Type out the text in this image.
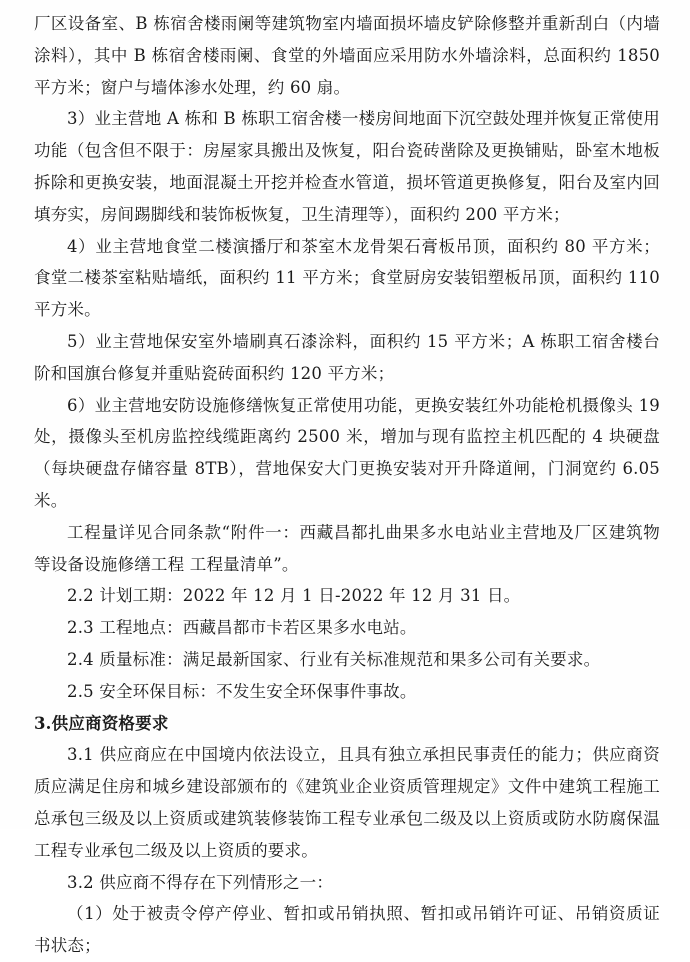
厂区设备室、B 栋宿舍楼雨阑等建筑物室内墙面损坏墙皮铲除修整并重新刮白（内墙涂料），其中 B 栋宿舍楼雨阑、食堂的外墙面应采用防水外墙涂料，总面积约 1850 平方米；窗户与墙体渗水处理，约 60 扇。

3）业主营地 A 栋和 B 栋职工宿舍楼一楼房间地面下沉空鼓处理并恢复正常使用功能（包含但不限于：房屋家具搬出及恢复，阳台瓷砖凿除及更换铺贴，卧室木地板拆除和更换安装，地面混凝土开挖并检查水管道，损坏管道更换修复，阳台及室内回填夯实，房间踢脚线和装饰板恢复，卫生清理等），面积约 200 平方米；

4）业主营地食堂二楼演播厅和茶室木龙骨架石膏板吊顶，面积约 80 平方米；食堂二楼茶室粘贴墙纸，面积约 11 平方米；食堂厨房安装铝塑板吊顶，面积约 110 平方米。

5）业主营地保安室外墙刷真石漆涂料，面积约 15 平方米；A 栋职工宿舍楼台阶和国旗台修复并重贴瓷砖面积约 120 平方米；

6）业主营地安防设施修缮恢复正常使用功能，更换安装红外功能枪机摄像头 19 处，摄像头至机房监控线缆距离约 2500 米，增加与现有监控主机匹配的 4 块硬盘（每块硬盘存储容量 8TB），营地保安大门更换安装对开升降道闸，门洞宽约 6.05 米。

工程量详见合同条款“附件一：西藏昌都扎曲果多水电站业主营地及厂区建筑物等设备设施修缮工程 工程量清单”。

2.2 计划工期：2022 年 12 月 1 日-2022 年 12 月 31 日。

2.3 工程地点：西藏昌都市卡若区果多水电站。

2.4 质量标准：满足最新国家、行业有关标准规范和果多公司有关要求。

2.5 安全环保目标：不发生安全环保事件事故。

3.供应商资格要求

3.1 供应商应在中国境内依法设立，且具有独立承担民事责任的能力；供应商资质应满足住房和城乡建设部颁布的《建筑业企业资质管理规定》文件中建筑工程施工总承包三级及以上资质或建筑装修装饰工程专业承包二级及以上资质或防水防腐保温工程专业承包二级及以上资质的要求。

3.2 供应商不得存在下列情形之一：

（1）处于被责令停产停业、暂扣或吊销执照、暂扣或吊销许可证、吊销资质证书状态；
